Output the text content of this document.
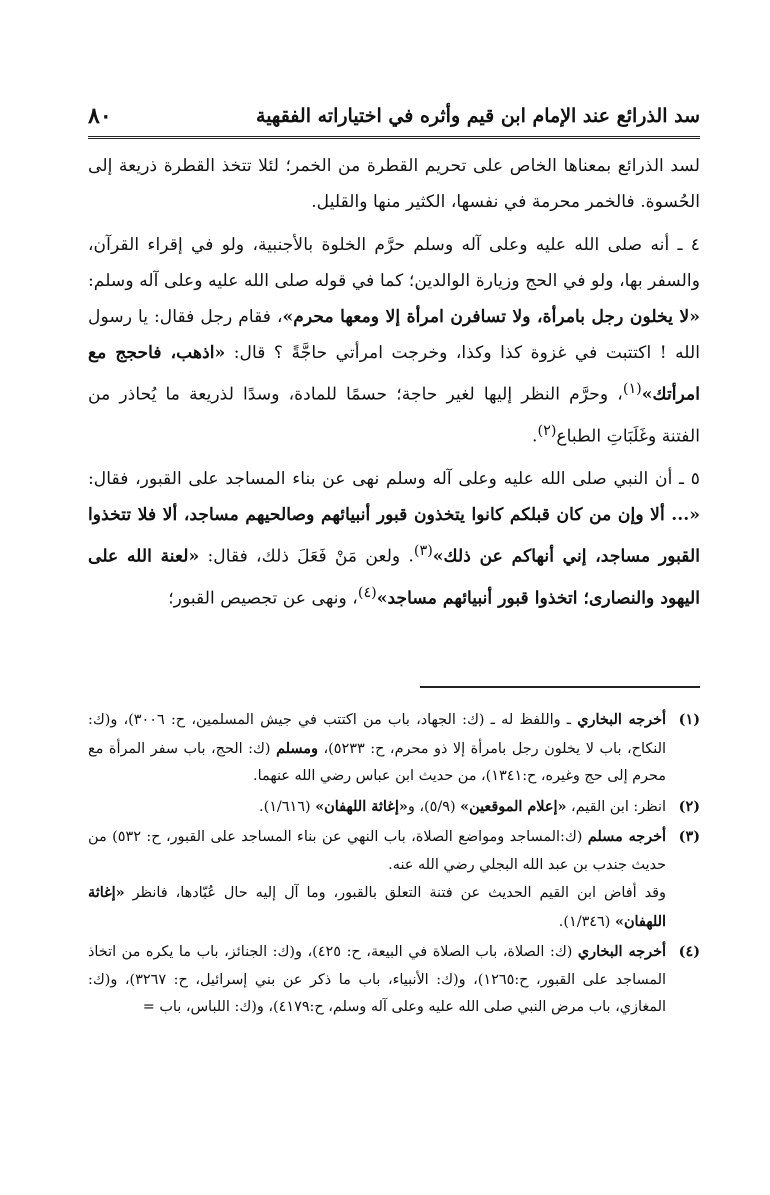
سد الذرائع عند الإمام ابن قيم وأثره في اختياراته الفقهية
٨٠

لسد الذرائع بمعناها الخاص على تحريم القطرة من الخمر؛ لئلا تتخذ القطرة ذريعة إلى الحُسوة. فالخمر محرمة في نفسها، الكثير منها والقليل.

٤ ـ أنه صلى الله عليه وعلى آله وسلم حرَّم الخلوة بالأجنبية، ولو في إقراء القرآن، والسفر بها، ولو في الحج وزيارة الوالدين؛ كما في قوله صلى الله عليه وعلى آله وسلم: «لا يخلون رجل بامرأة، ولا تسافرن امرأة إلا ومعها محرم»، فقام رجل فقال: يا رسول الله ! اكتتبت في غزوة كذا وكذا، وخرجت امرأتي حاجَّةً ؟ قال: «اذهب، فاحجج مع امرأتك»$^{(١)}$، وحرَّم النظر إليها لغير حاجة؛ حسمًا للمادة، وسدًا لذريعة ما يُحاذر من الفتنة وغَلَبَاتِ الطباع$^{(٢)}$.

٥ ـ أن النبي صلى الله عليه وعلى آله وسلم نهى عن بناء المساجد على القبور، فقال: «... ألا وإن من كان قبلكم كانوا يتخذون قبور أنبيائهم وصالحيهم مساجد، ألا فلا تتخذوا القبور مساجد، إني أنهاكم عن ذلك»$^{(٣)}$. ولعن مَنْ فَعَلَ ذلك، فقال: «لعنة الله على اليهود والنصارى؛ اتخذوا قبور أنبيائهم مساجد»$^{(٤)}$، ونهى عن تجصيص القبور؛

(١)
أخرجه البخاري ـ واللفظ له ـ (ك: الجهاد، باب من اكتتب في جيش المسلمين، ح: ٣٠٠٦)، و(ك: النكاح، باب لا يخلون رجل بامرأة إلا ذو محرم، ح: ٥٢٣٣)، ومسلم (ك: الحج، باب سفر المرأة مع محرم إلى حج وغيره، ح:١٣٤١)، من حديث ابن عباس رضي الله عنهما.
(٢)
انظر: ابن القيم، «إعلام الموقعين» (٥/٩)، و«إغاثة اللهفان» (١/٦١٦).
(٣)
أخرجه مسلم (ك:المساجد ومواضع الصلاة، باب النهي عن بناء المساجد على القبور، ح: ٥٣٢) من حديث جندب بن عبد الله البجلي رضي الله عنه.
وقد أفاض ابن القيم الحديث عن فتنة التعلق بالقبور، وما آل إليه حال عُبّادها، فانظر «إغاثة اللهفان» (١/٣٤٦).
(٤)
أخرجه البخاري (ك: الصلاة، باب الصلاة في البيعة، ح: ٤٢٥)، و(ك: الجنائز، باب ما يكره من اتخاذ المساجد على القبور، ح:١٢٦٥)، و(ك: الأنبياء، باب ما ذكر عن بني إسرائيل، ح: ٣٢٦٧)، و(ك: المغازي، باب مرض النبي صلى الله عليه وعلى آله وسلم، ح:٤١٧٩)، و(ك: اللباس، باب =
